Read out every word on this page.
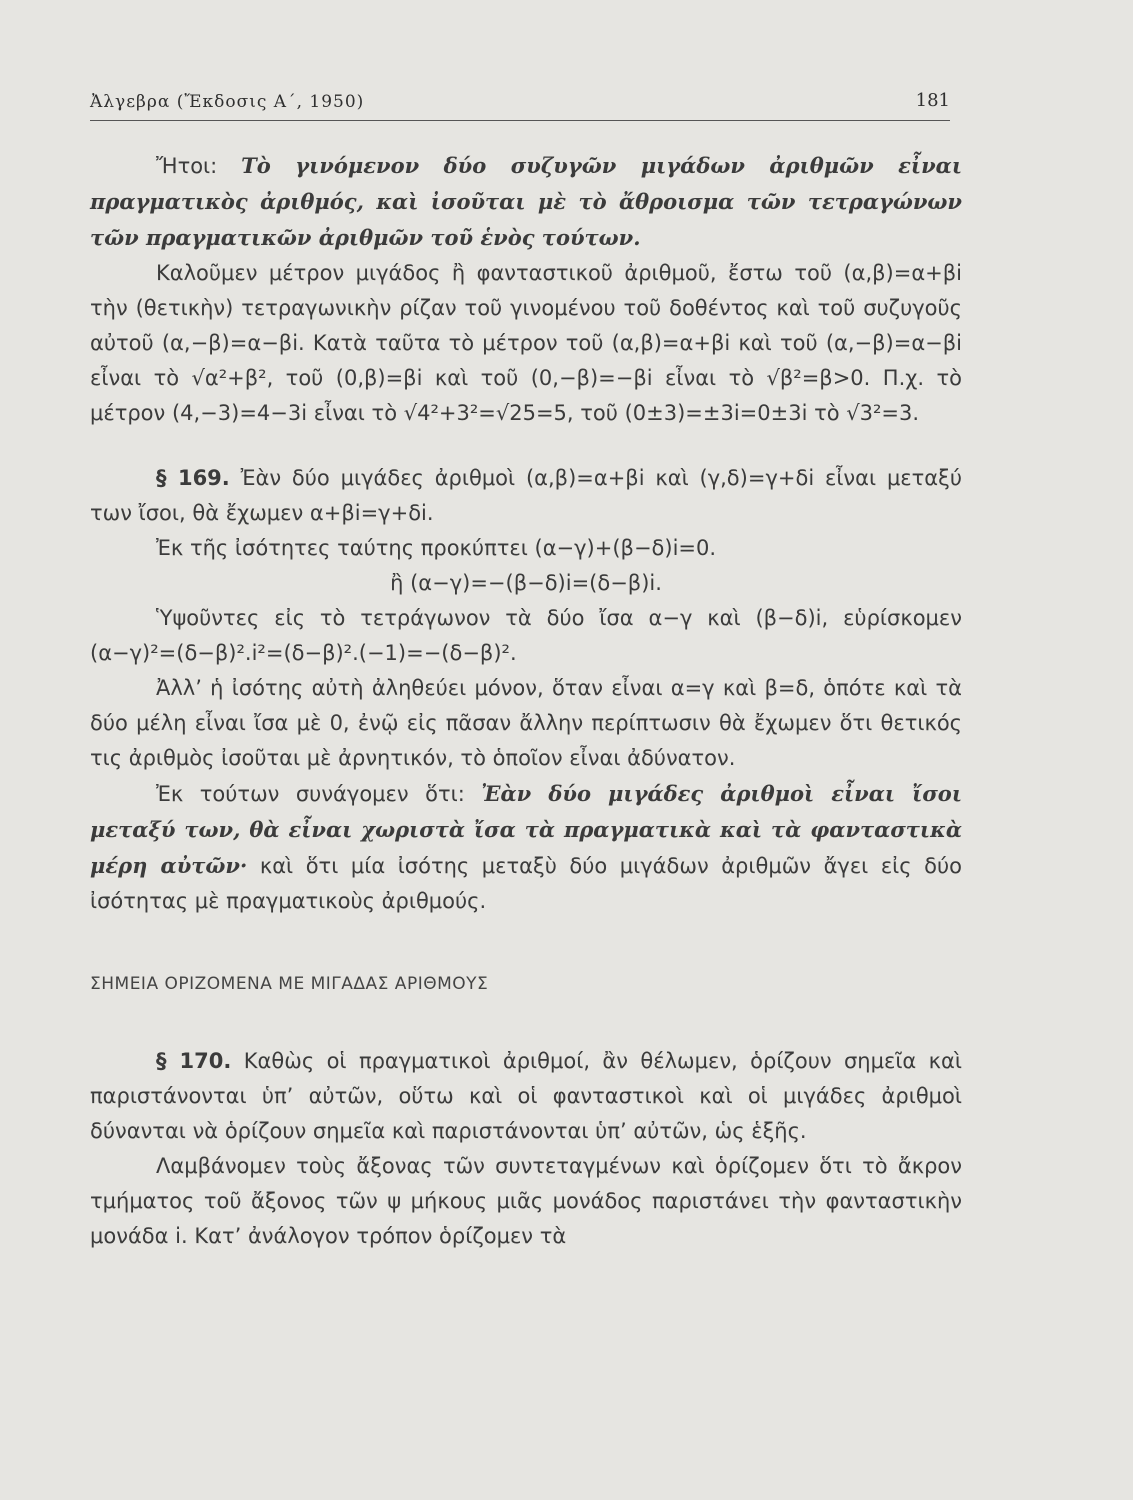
Ἀλγεβρα (Ἔκδοσις Α΄, 1950)	181

Ἤτοι: Τὸ γινόμενον δύο συζυγῶν μιγάδων ἀριθμῶν εἶναι πραγματικὸς ἀριθμός, καὶ ἰσοῦται μὲ τὸ ἄθροισμα τῶν τετραγώνων τῶν πραγματικῶν ἀριθμῶν τοῦ ἑνὸς τούτων.

Καλοῦμεν μέτρον μιγάδος ἢ φανταστικοῦ ἀριθμοῦ, ἔστω τοῦ (α,β)=α+βi τὴν (θετικὴν) τετραγωνικὴν ρίζαν τοῦ γινομένου τοῦ δοθέντος καὶ τοῦ συζυγοῦς αὐτοῦ (α,−β)=α−βi. Κατὰ ταῦτα τὸ μέτρον τοῦ (α,β)=α+βi καὶ τοῦ (α,−β)=α−βi εἶναι τὸ √α²+β², τοῦ (0,β)=βi καὶ τοῦ (0,−β)=−βi εἶναι τὸ √β²=β>0. Π.χ. τὸ μέτρον (4,−3)=4−3i εἶναι τὸ √4²+3²=√25=5, τοῦ (0±3)=±3i=0±3i τὸ √3²=3.

§ 169. Ἐὰν δύο μιγάδες ἀριθμοὶ (α,β)=α+βi καὶ (γ,δ)=γ+δi εἶναι μεταξύ των ἴσοι, θὰ ἔχωμεν α+βi=γ+δi.

Ἐκ τῆς ἰσότητες ταύτης προκύπτει (α−γ)+(β−δ)i=0.

ἢ (α−γ)=−(β−δ)i=(δ−β)i.

Ὑψοῦντες εἰς τὸ τετράγωνον τὰ δύο ἴσα α−γ καὶ (β−δ)i, εὑρίσκομεν (α−γ)²=(δ−β)².i²=(δ−β)².(−1)=−(δ−β)².

Ἀλλ’ ἡ ἰσότης αὐτὴ ἀληθεύει μόνον, ὅταν εἶναι α=γ καὶ β=δ, ὁπότε καὶ τὰ δύο μέλη εἶναι ἴσα μὲ 0, ἐνῷ εἰς πᾶσαν ἄλλην περίπτωσιν θὰ ἔχωμεν ὅτι θετικός τις ἀριθμὸς ἰσοῦται μὲ ἀρνητικόν, τὸ ὁποῖον εἶναι ἀδύνατον.

Ἐκ τούτων συνάγομεν ὅτι: Ἐὰν δύο μιγάδες ἀριθμοὶ εἶναι ἴσοι μεταξύ των, θὰ εἶναι χωριστὰ ἴσα τὰ πραγματικὰ καὶ τὰ φανταστικὰ μέρη αὐτῶν· καὶ ὅτι μία ἰσότης μεταξὺ δύο μιγάδων ἀριθμῶν ἄγει εἰς δύο ἰσότητας μὲ πραγματικοὺς ἀριθμούς.

ΣΗΜΕΙΑ ΟΡΙΖΟΜΕΝΑ ΜΕ ΜΙΓΑΔΑΣ ΑΡΙΘΜΟΥΣ

§ 170. Καθὼς οἱ πραγματικοὶ ἀριθμοί, ἂν θέλωμεν, ὁρίζουν σημεῖα καὶ παριστάνονται ὑπ’ αὐτῶν, οὕτω καὶ οἱ φανταστικοὶ καὶ οἱ μιγάδες ἀριθμοὶ δύνανται νὰ ὁρίζουν σημεῖα καὶ παριστάνονται ὑπ’ αὐτῶν, ὡς ἑξῆς.

Λαμβάνομεν τοὺς ἄξονας τῶν συντεταγμένων καὶ ὁρίζομεν ὅτι τὸ ἄκρον τμήματος τοῦ ἄξονος τῶν ψ μήκους μιᾶς μονάδος παριστάνει τὴν φανταστικὴν μονάδα i. Κατ’ ἀνάλογον τρόπον ὁρίζομεν τὰ
